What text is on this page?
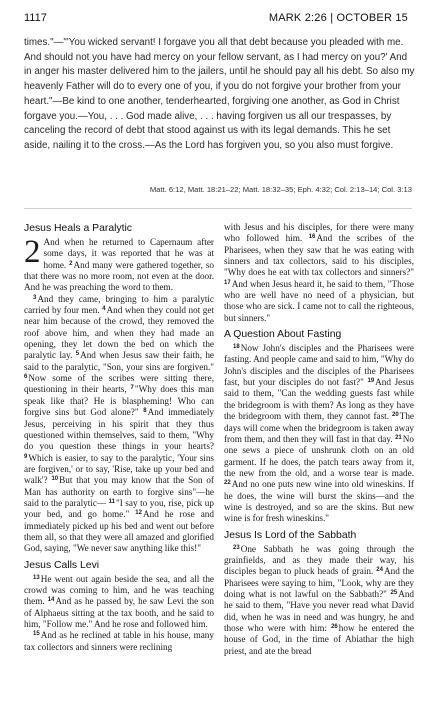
1117	MARK 2:26 | OCTOBER 15

times."—"'You wicked servant! I forgave you all that debt because you pleaded with me. And should not you have had mercy on your fellow servant, as I had mercy on you?' And in anger his master delivered him to the jailers, until he should pay all his debt. So also my heavenly Father will do to every one of you, if you do not forgive your brother from your heart."—Be kind to one another, tenderhearted, forgiving one another, as God in Christ forgave you.—You, . . . God made alive, . . . having forgiven us all our trespasses, by canceling the record of debt that stood against us with its legal demands. This he set aside, nailing it to the cross.—As the Lord has forgiven you, so you also must forgive.

Matt. 6:12, Matt. 18:21–22; Matt. 18:32–35; Eph. 4:32; Col. 2:13–14; Col. 3:13
Jesus Heals a Paralytic

2 And when he returned to Capernaum after some days, it was reported that he was at home. $^2$And many were gathered together, so that there was no more room, not even at the door. And he was preaching the word to them.

$^3$And they came, bringing to him a paralytic carried by four men. $^4$And when they could not get near him because of the crowd, they removed the roof above him, and when they had made an opening, they let down the bed on which the paralytic lay. $^5$And when Jesus saw their faith, he said to the paralytic, "Son, your sins are forgiven." $^6$Now some of the scribes were sitting there, questioning in their hearts, $^7$"Why does this man speak like that? He is blaspheming! Who can forgive sins but God alone?" $^8$And immediately Jesus, perceiving in his spirit that they thus questioned within themselves, said to them, "Why do you question these things in your hearts? $^9$Which is easier, to say to the paralytic, 'Your sins are forgiven,' or to say, 'Rise, take up your bed and walk'? $^{10}$But that you may know that the Son of Man has authority on earth to forgive sins"—he said to the paralytic— $^{11}$"I say to you, rise, pick up your bed, and go home." $^{12}$And he rose and immediately picked up his bed and went out before them all, so that they were all amazed and glorified God, saying, "We never saw anything like this!"

Jesus Calls Levi

$^{13}$He went out again beside the sea, and all the crowd was coming to him, and he was teaching them. $^{14}$And as he passed by, he saw Levi the son of Alphaeus sitting at the tax booth, and he said to him, "Follow me." And he rose and followed him.

$^{15}$And as he reclined at table in his house, many tax collectors and sinners were reclining

with Jesus and his disciples, for there were many who followed him. $^{16}$And the scribes of the Pharisees, when they saw that he was eating with sinners and tax collectors, said to his disciples, "Why does he eat with tax collectors and sinners?" $^{17}$And when Jesus heard it, he said to them, "Those who are well have no need of a physician, but those who are sick. I came not to call the righteous, but sinners."

A Question About Fasting

$^{18}$Now John's disciples and the Pharisees were fasting. And people came and said to him, "Why do John's disciples and the disciples of the Pharisees fast, but your disciples do not fast?" $^{19}$And Jesus said to them, "Can the wedding guests fast while the bridegroom is with them? As long as they have the bridegroom with them, they cannot fast. $^{20}$The days will come when the bridegroom is taken away from them, and then they will fast in that day. $^{21}$No one sews a piece of unshrunk cloth on an old garment. If he does, the patch tears away from it, the new from the old, and a worse tear is made. $^{22}$And no one puts new wine into old wineskins. If he does, the wine will burst the skins—and the wine is destroyed, and so are the skins. But new wine is for fresh wineskins."

Jesus Is Lord of the Sabbath

$^{23}$One Sabbath he was going through the grainfields, and as they made their way, his disciples began to pluck heads of grain. $^{24}$And the Pharisees were saying to him, "Look, why are they doing what is not lawful on the Sabbath?" $^{25}$And he said to them, "Have you never read what David did, when he was in need and was hungry, he and those who were with him: $^{26}$how he entered the house of God, in the time of Abiathar the high priest, and ate the bread
